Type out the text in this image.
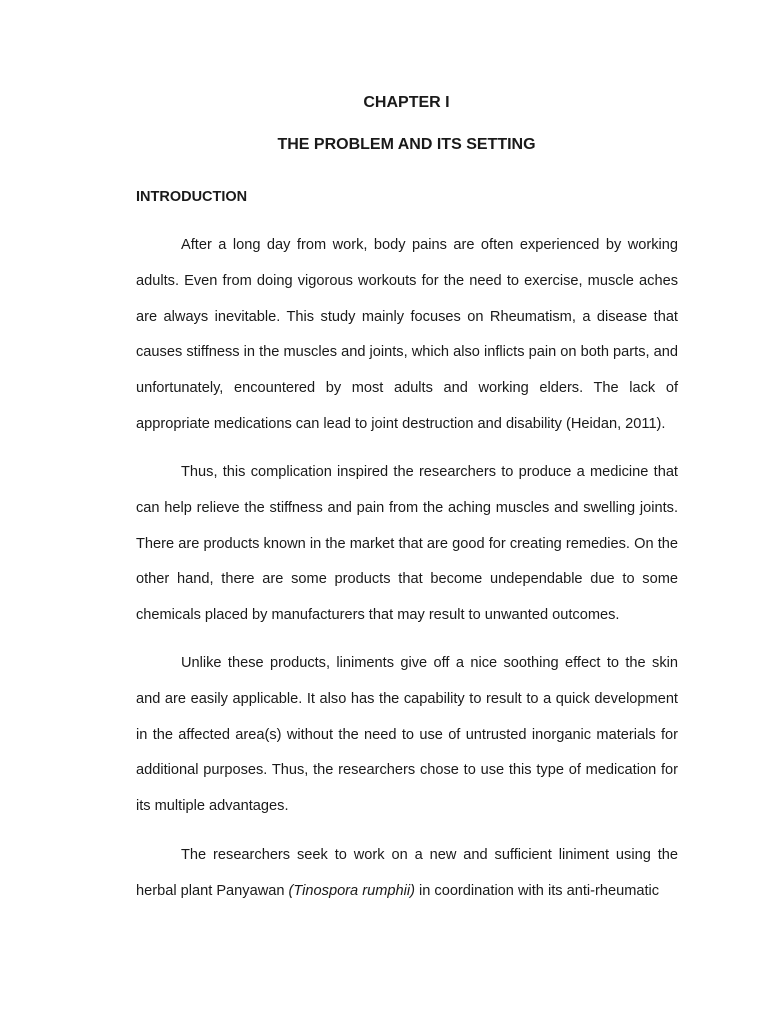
CHAPTER I
THE PROBLEM AND ITS SETTING
INTRODUCTION

After a long day from work, body pains are often experienced by working adults. Even from doing vigorous workouts for the need to exercise, muscle aches are always inevitable. This study mainly focuses on Rheumatism, a disease that causes stiffness in the muscles and joints, which also inflicts pain on both parts, and unfortunately, encountered by most adults and working elders. The lack of appropriate medications can lead to joint destruction and disability (Heidan, 2011).

Thus, this complication inspired the researchers to produce a medicine that can help relieve the stiffness and pain from the aching muscles and swelling joints. There are products known in the market that are good for creating remedies. On the other hand, there are some products that become undependable due to some chemicals placed by manufacturers that may result to unwanted outcomes.

Unlike these products, liniments give off a nice soothing effect to the skin and are easily applicable. It also has the capability to result to a quick development in the affected area(s) without the need to use of untrusted inorganic materials for additional purposes. Thus, the researchers chose to use this type of medication for its multiple advantages.

The researchers seek to work on a new and sufficient liniment using the herbal plant Panyawan (Tinospora rumphii) in coordination with its anti-rheumatic
